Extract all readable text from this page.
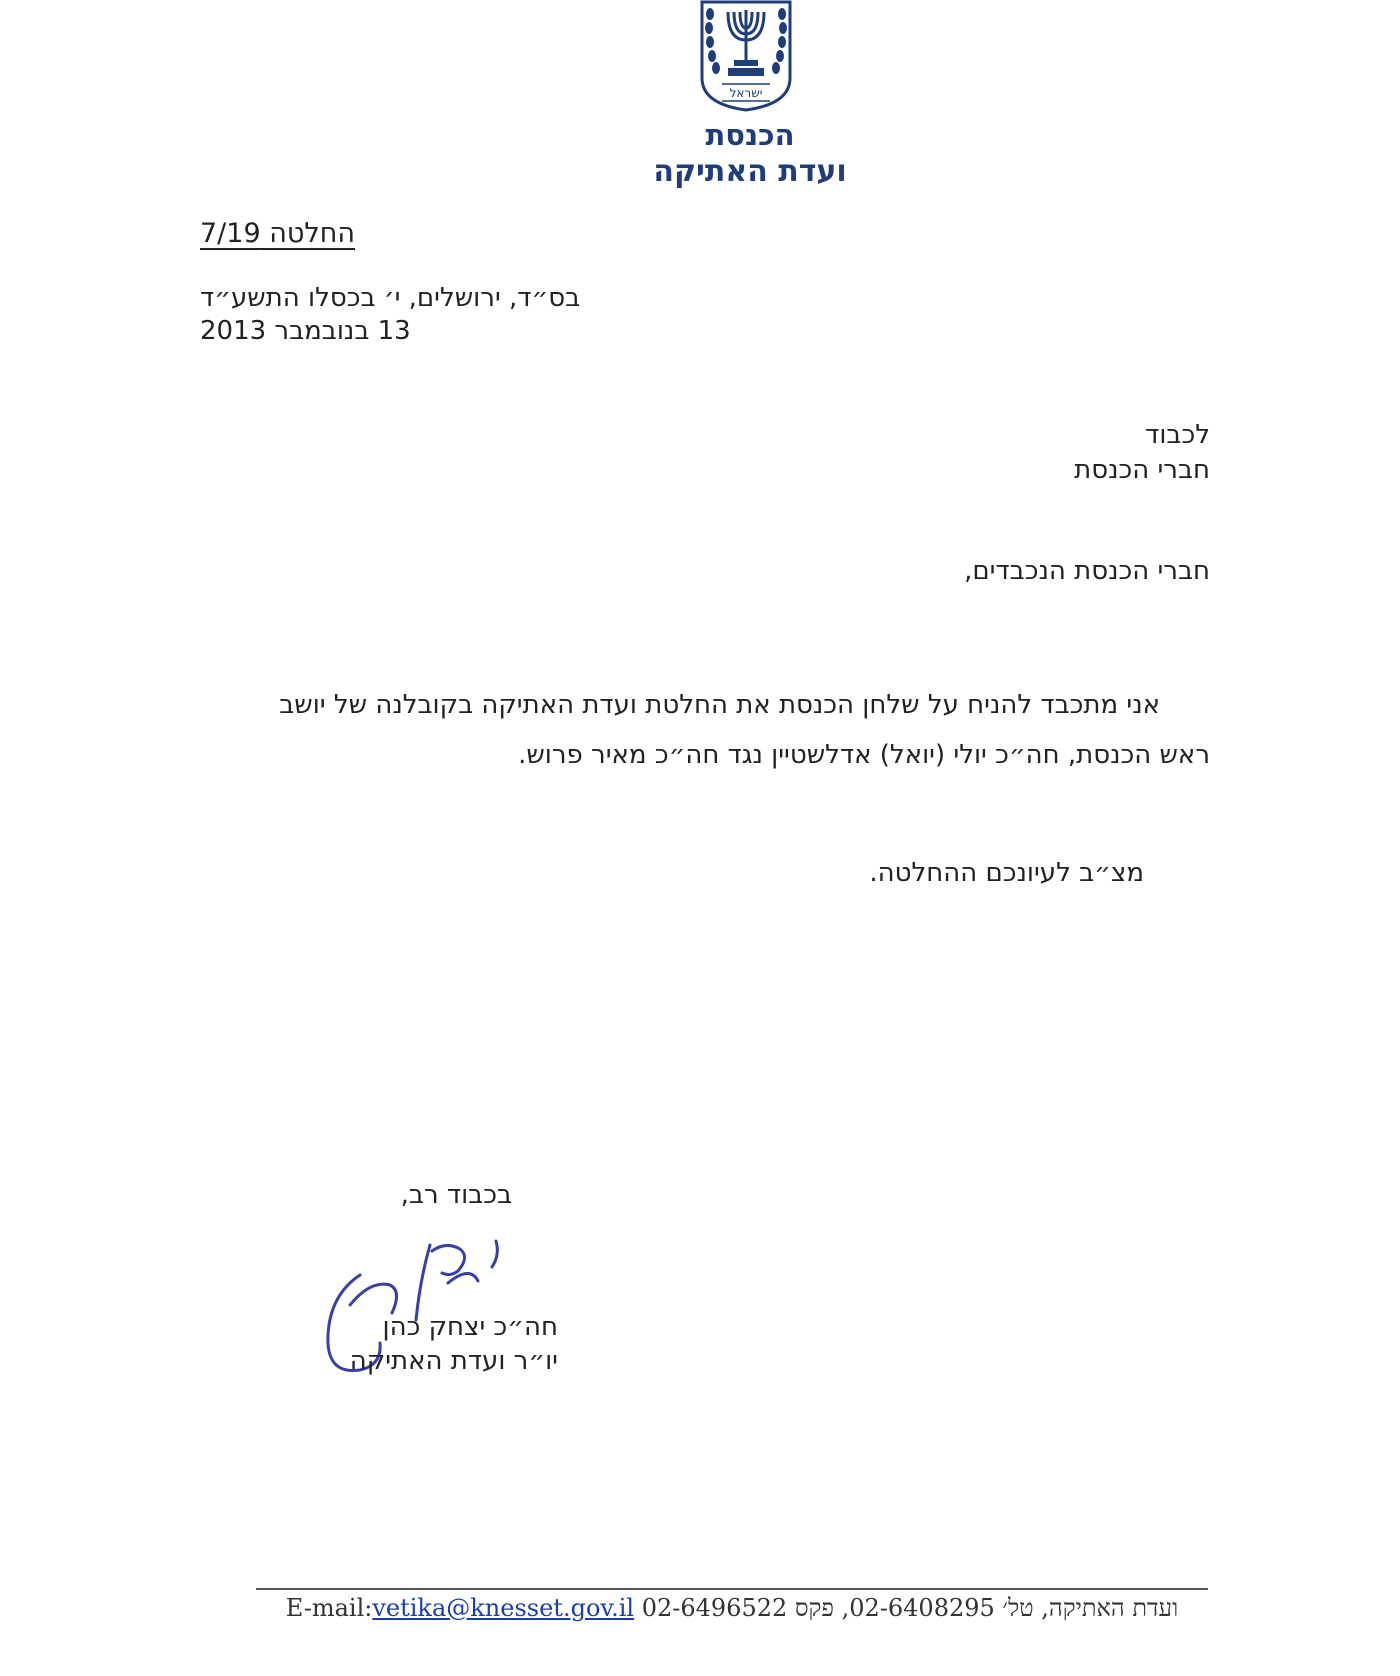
ישראל
הכנסת
ועדת האתיקה
החלטה 7/19
בס״ד, ירושלים, י׳ בכסלו התשע״ד
13 בנובמבר 2013
לכבוד
חברי הכנסת
חברי הכנסת הנכבדים,
אני מתכבד להניח על שלחן הכנסת את החלטת ועדת האתיקה בקובלנה של יושב
ראש הכנסת, חה״כ יולי (יואל) אדלשטיין נגד חה״כ מאיר פרוש.
מצ״ב לעיונכם ההחלטה.
בכבוד רב,
חה״כ יצחק כהן
יו״ר ועדת האתיקה
E-mail:vetika@knesset.gov.il ועדת האתיקה, טל׳ 02-6408295, פקס 02-6496522
